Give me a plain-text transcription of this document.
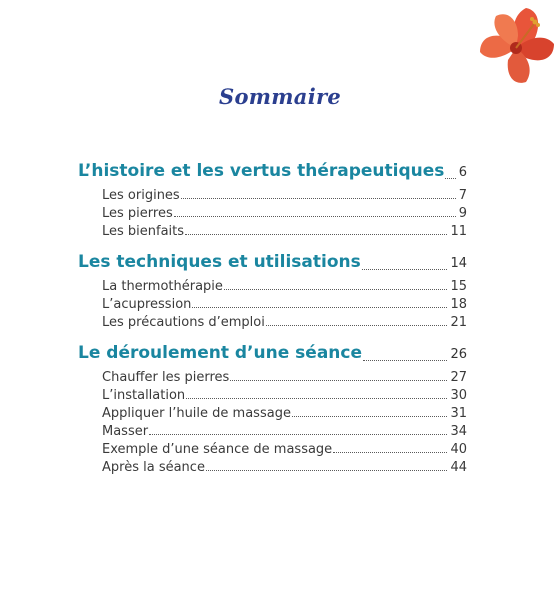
Sommaire
L’histoire et les vertus thérapeutiques 6
Les origines	7
Les pierres	9
Les bienfaits	11
Les techniques et utilisations	14
La thermothérapie	15
L’acupression	18
Les précautions d’emploi	21
Le déroulement d’une séance	26
Chauffer les pierres	27
L’installation	30
Appliquer l’huile de massage	31
Masser	34
Exemple d’une séance de massage	40
Après la séance	44
